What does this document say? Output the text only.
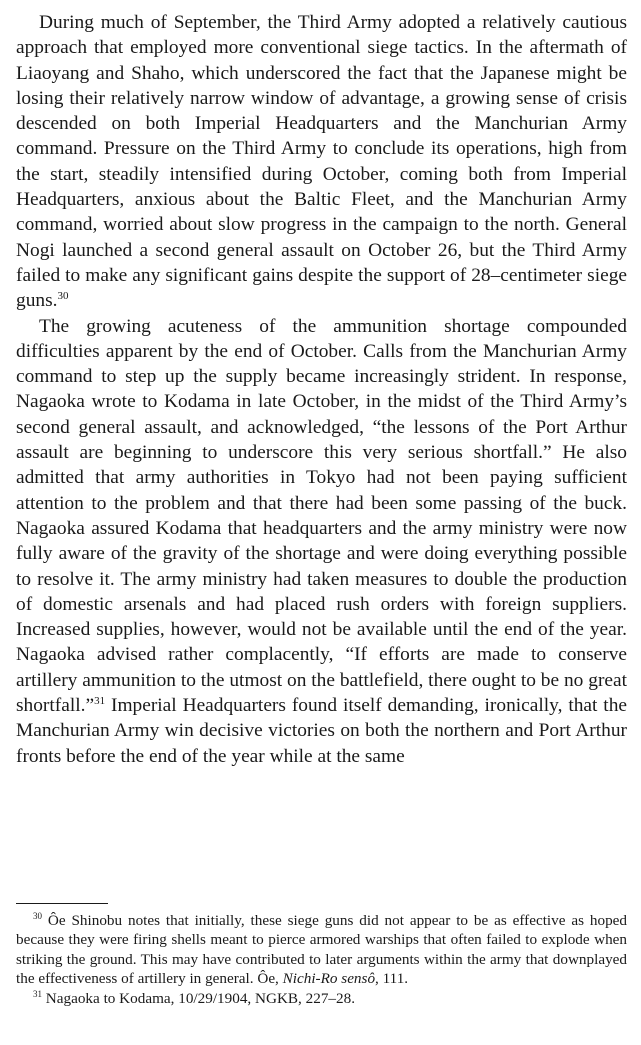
During much of September, the Third Army adopted a relatively cautious approach that employed more conventional siege tactics. In the aftermath of Liaoyang and Shaho, which underscored the fact that the Japanese might be losing their relatively narrow window of advantage, a growing sense of crisis descended on both Imperial Headquarters and the Manchurian Army command. Pressure on the Third Army to conclude its operations, high from the start, steadily intensified during October, coming both from Imperial Headquarters, anxious about the Baltic Fleet, and the Manchurian Army command, worried about slow progress in the campaign to the north. General Nogi launched a second general assault on October 26, but the Third Army failed to make any significant gains despite the support of 28–centimeter siege guns.$^{30}$

The growing acuteness of the ammunition shortage compounded difficulties apparent by the end of October. Calls from the Manchurian Army command to step up the supply became increasingly strident. In response, Nagaoka wrote to Kodama in late October, in the midst of the Third Army’s second general assault, and acknowledged, “the lessons of the Port Arthur assault are beginning to underscore this very serious shortfall.” He also admitted that army authorities in Tokyo had not been paying sufficient attention to the problem and that there had been some passing of the buck. Nagaoka assured Kodama that headquarters and the army ministry were now fully aware of the gravity of the shortage and were doing everything possible to resolve it. The army ministry had taken measures to double the production of domestic arsenals and had placed rush orders with foreign suppliers. Increased supplies, however, would not be available until the end of the year. Nagaoka advised rather complacently, “If efforts are made to conserve artillery ammunition to the utmost on the battlefield, there ought to be no great shortfall.”$^{31}$ Imperial Headquarters found itself demanding, ironically, that the Manchurian Army win decisive victories on both the northern and Port Arthur fronts before the end of the year while at the same

$^{30}$ Ôe Shinobu notes that initially, these siege guns did not appear to be as effective as hoped because they were firing shells meant to pierce armored warships that often failed to explode when striking the ground. This may have contributed to later arguments within the army that downplayed the effectiveness of artillery in general. Ôe, Nichi-Ro sensô, 111.

$^{31}$ Nagaoka to Kodama, 10/29/1904, NGKB, 227–28.
